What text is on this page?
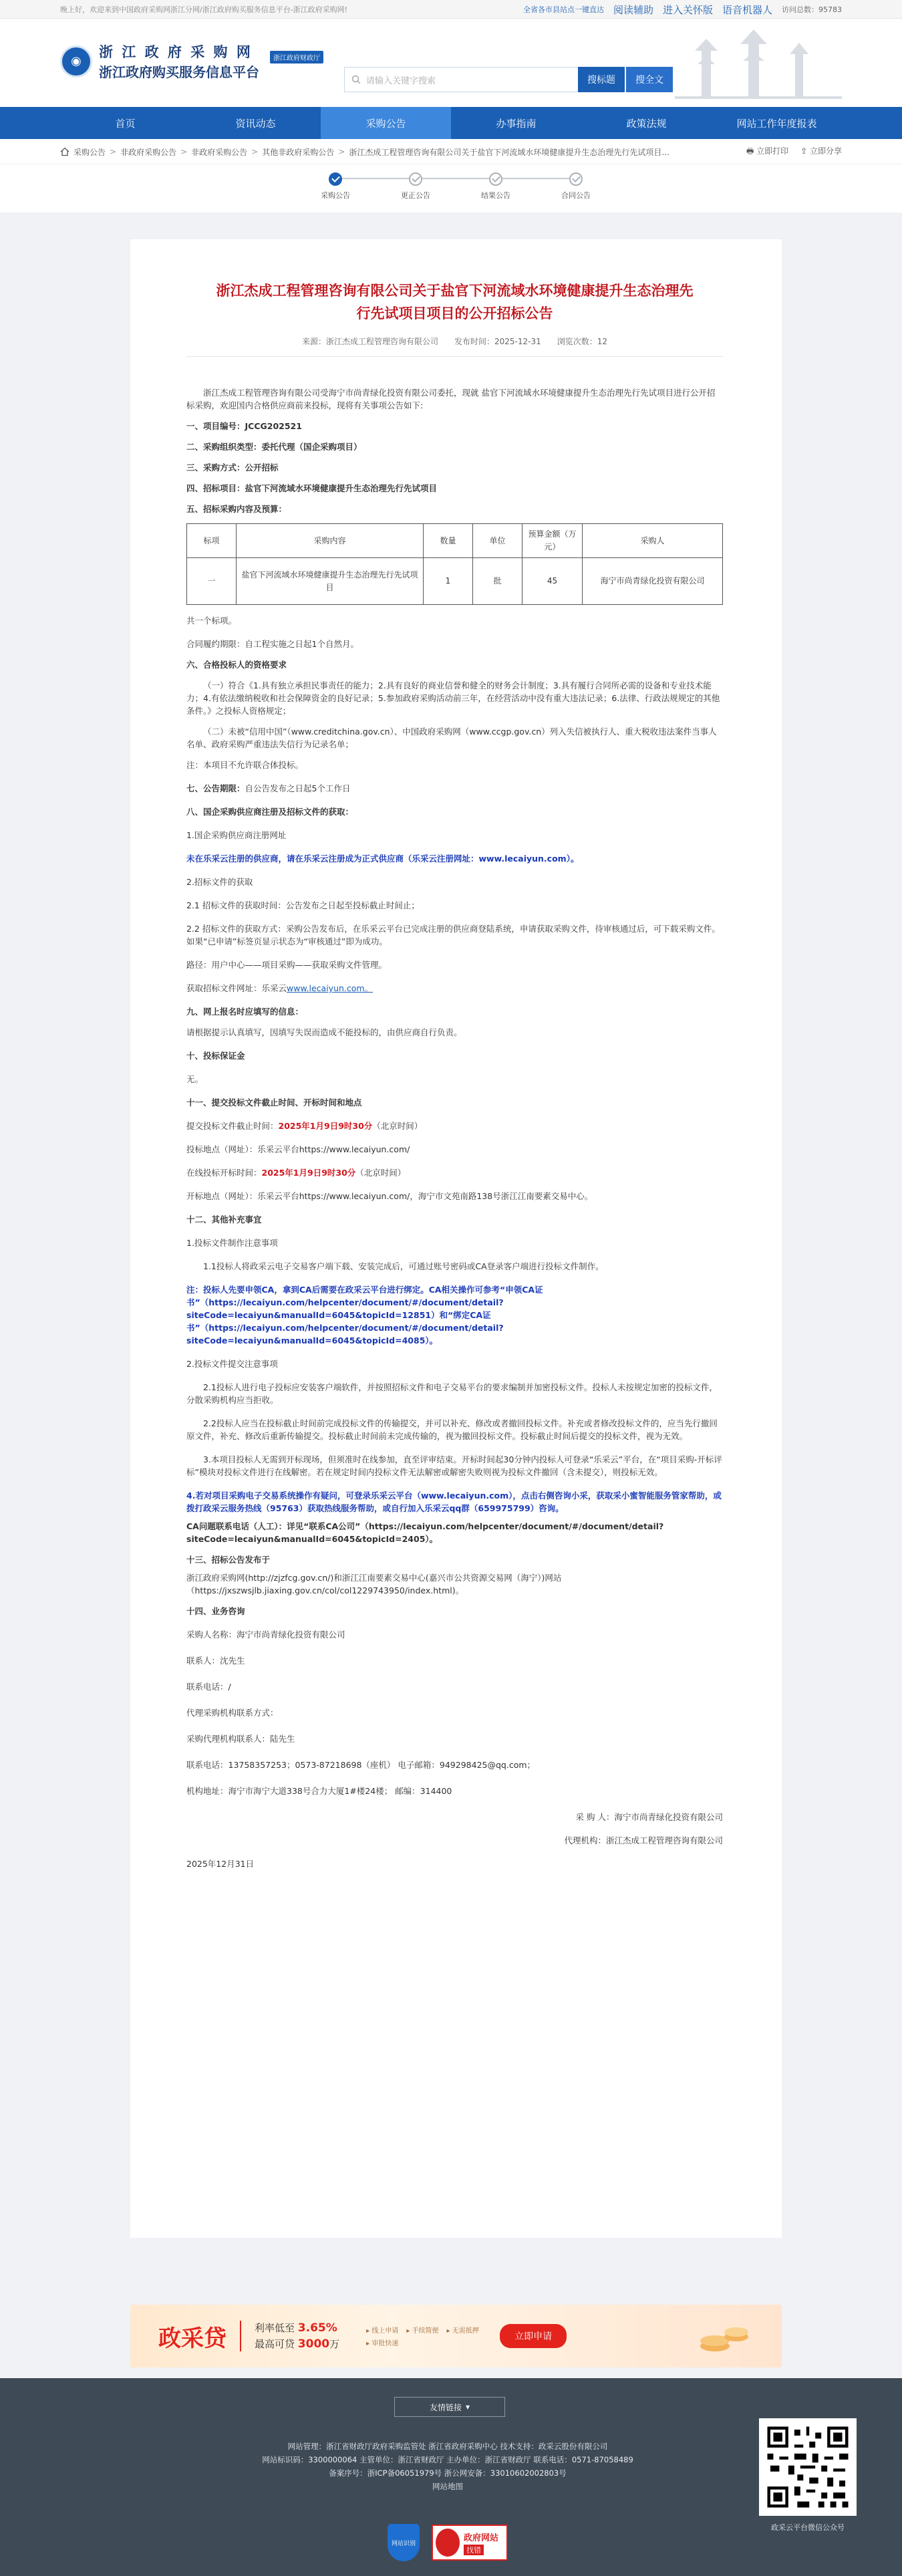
晚上好，欢迎来到中国政府采购网浙江分网/浙江政府购买服务信息平台-浙江政府采购网!	全省各市县站点一键直达 阅读辅助 进入关怀版 语音机器人 访问总数：95783
◉
浙 江 政 府 采 购 网
浙江政府购买服务信息平台
浙江政府财政厅
请输入关键字搜索	搜标题	搜全文
首页	资讯动态	采购公告	办事指南	政策法规	网站工作年度报表
采购公告 > 非政府采购公告 > 非政府采购公告 > 其他非政府采购公告 > 浙江杰成工程管理咨询有限公司关于盐官下河流域水环境健康提升生态治理先行先试项目...	🖶 立即打印 ⇪ 立即分享
采购公告	更正公告	结果公告	合同公告
浙江杰成工程管理咨询有限公司关于盐官下河流域水环境健康提升生态治理先行先试项目项目的公开招标公告
来源：浙江杰成工程管理咨询有限公司 发布时间：2025-12-31 浏览次数：12

浙江杰成工程管理咨询有限公司受海宁市尚青绿化投资有限公司委托，现就 盐官下河流域水环境健康提升生态治理先行先试项目进行公开招标采购，欢迎国内合格供应商前来投标，现将有关事项公告如下:

一、项目编号：JCCG202521

二、采购组织类型：委托代理（国企采购项目）

三、采购方式：公开招标

四、招标项目：盐官下河流域水环境健康提升生态治理先行先试项目

五、招标采购内容及预算：

标项	采购内容	数量	单位	预算金额（万元）	采购人
一	盐官下河流域水环境健康提升生态治理先行先试项目	1	批	45	海宁市尚青绿化投资有限公司

共一个标项。

合同履约期限：自工程实施之日起1个自然月。

六、合格投标人的资格要求

（一）符合《1.具有独立承担民事责任的能力；2.具有良好的商业信誉和健全的财务会计制度；3.具有履行合同所必需的设备和专业技术能力；4.有依法缴纳税收和社会保障资金的良好记录；5.参加政府采购活动前三年，在经营活动中没有重大违法记录；6.法律、行政法规规定的其他条件。》之投标人资格规定；

（二）未被“信用中国”（www.creditchina.gov.cn）、中国政府采购网（www.ccgp.gov.cn）列入失信被执行人、重大税收违法案件当事人名单、政府采购严重违法失信行为记录名单；

注：本项目不允许联合体投标。

七、公告期限：自公告发布之日起5个工作日

八、国企采购供应商注册及招标文件的获取：

1.国企采购供应商注册网址

未在乐采云注册的供应商，请在乐采云注册成为正式供应商（乐采云注册网址：www.lecaiyun.com）。

2.招标文件的获取

2.1 招标文件的获取时间：公告发布之日起至投标截止时间止；

2.2 招标文件的获取方式：采购公告发布后，在乐采云平台已完成注册的供应商登陆系统，申请获取采购文件，待审核通过后，可下载采购文件。如果“已申请”标签页显示状态为“审核通过”即为成功。

路径：用户中心——项目采购——获取采购文件管理。

获取招标文件网址：乐采云www.lecaiyun.com。

九、网上报名时应填写的信息：

请根据提示认真填写，因填写失误而造成不能投标的，由供应商自行负责。

十、投标保证金

无。

十一、提交投标文件截止时间、开标时间和地点

提交投标文件截止时间：2025年1月9日9时30分（北京时间）

投标地点（网址）：乐采云平台https://www.lecaiyun.com/

在线投标开标时间：2025年1月9日9时30分（北京时间）

开标地点（网址）：乐采云平台https://www.lecaiyun.com/，海宁市文苑南路138号浙江江南要素交易中心。

十二、其他补充事宜

1.投标文件制作注意事项

1.1投标人将政采云电子交易客户端下载、安装完成后，可通过账号密码或CA登录客户端进行投标文件制作。

注：投标人先要申领CA，拿到CA后需要在政采云平台进行绑定。CA相关操作可参考“申领CA证书”（https://lecaiyun.com/helpcenter/document/#/document/detail?siteCode=lecaiyun&manualId=6045&topicId=12851）和“绑定CA证书”（https://lecaiyun.com/helpcenter/document/#/document/detail?siteCode=lecaiyun&manualId=6045&topicId=4085）。

2.投标文件提交注意事项

2.1投标人进行电子投标应安装客户端软件，并按照招标文件和电子交易平台的要求编制并加密投标文件。投标人未按规定加密的投标文件，分散采购机构应当拒收。

2.2投标人应当在投标截止时间前完成投标文件的传输提交，并可以补充、修改或者撤回投标文件。补充或者修改投标文件的，应当先行撤回原文件，补充、修改后重新传输提交。投标截止时间前未完成传输的，视为撤回投标文件。投标截止时间后提交的投标文件，视为无效。

3.本项目投标人无需到开标现场，但须准时在线参加，直至评审结束。开标时间起30分钟内投标人可登录“乐采云”平台，在“项目采购-开标评标”模块对投标文件进行在线解密。若在规定时间内投标文件无法解密或解密失败则视为投标文件撤回（含未提交），则投标无效。

4.若对项目采购电子交易系统操作有疑问，可登录乐采云平台（www.lecaiyun.com），点击右侧咨询小采，获取采小蜜智能服务管家帮助，或拨打政采云服务热线（95763）获取热线服务帮助，或自行加入乐采云qq群（659975799）咨询。

CA问题联系电话（人工）：详见“联系CA公司”（https://lecaiyun.com/helpcenter/document/#/document/detail?siteCode=lecaiyun&manualId=6045&topicId=2405）。

十三、招标公告发布于

浙江政府采购网(http://zjzfcg.gov.cn/)和浙江江南要素交易中心(嘉兴市公共资源交易网（海宁）)网站（https://jxszwsjlb.jiaxing.gov.cn/col/col1229743950/index.html)。

十四、业务咨询

采购人名称：海宁市尚青绿化投资有限公司

联系人：沈先生

联系电话：/

代理采购机构联系方式：

采购代理机构联系人：陆先生

联系电话：13758357253；0573-87218698（座机） 电子邮箱：949298425@qq.com；

机构地址：海宁市海宁大道338号合力大厦1#楼24楼； 邮编：314400

采 购 人：海宁市尚青绿化投资有限公司

代理机构：浙江杰成工程管理咨询有限公司

2025年12月31日

政采贷	利率低至 3.65%
最高可贷 3000万
▸ 线上申请 ▸ 手续简便 ▸ 无需抵押
▸ 审批快速
立即申请
友情链接 ▾
网站管理：浙江省财政厅政府采购监管处 浙江省政府采购中心 技术支持：政采云股份有限公司
网站标识码：3300000064 主管单位：浙江省财政厅 主办单位：浙江省财政厅 联系电话：0571-87058489
备案序号：浙ICP备06051979号 浙公网安备：33010602002803号
网站地图
政采云平台微信公众号
网站识别
政府网站
找错
